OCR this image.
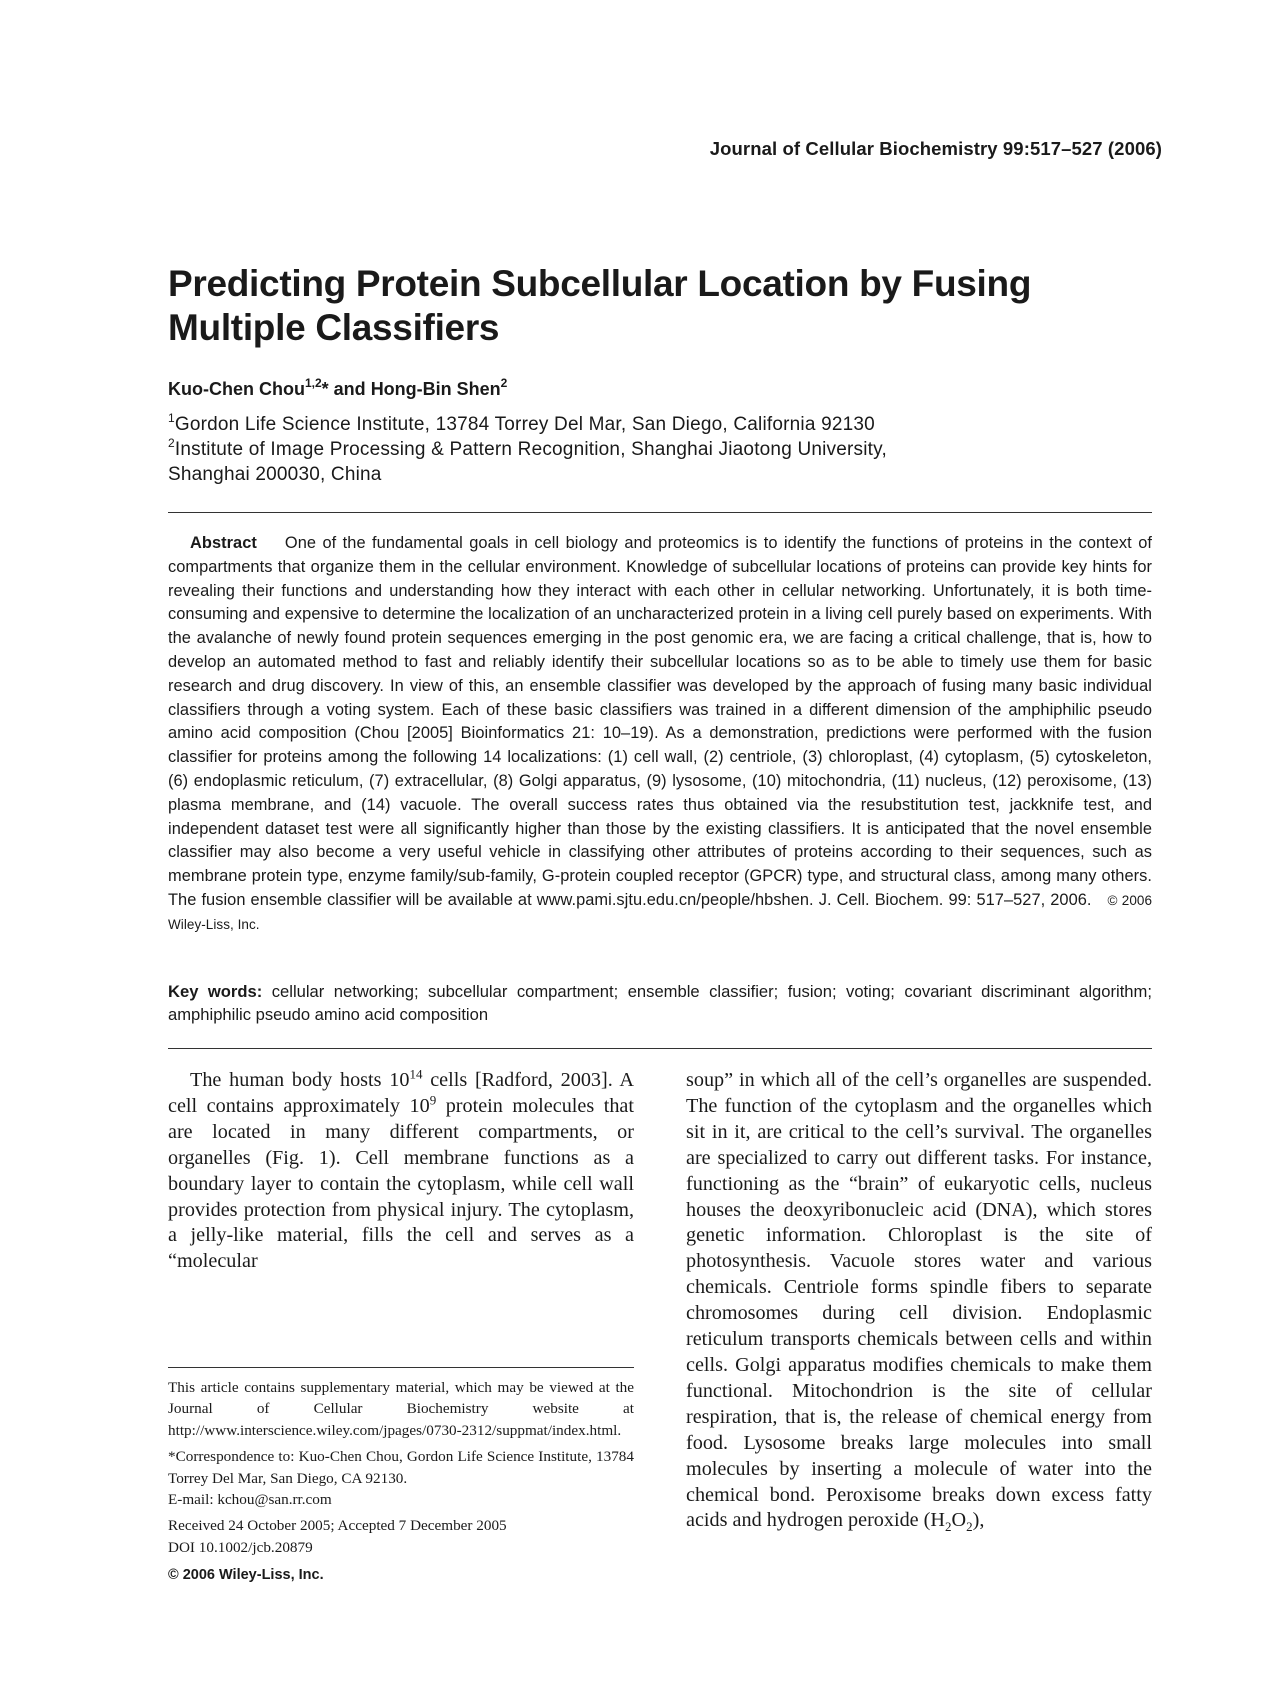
Journal of Cellular Biochemistry 99:517–527 (2006)
Predicting Protein Subcellular Location by Fusing Multiple Classifiers
Kuo-Chen Chou$^{1,2}$* and Hong-Bin Shen$^2$

$^1$Gordon Life Science Institute, 13784 Torrey Del Mar, San Diego, California 92130

$^2$Institute of Image Processing & Pattern Recognition, Shanghai Jiaotong University,

Shanghai 200030, China

Abstract One of the fundamental goals in cell biology and proteomics is to identify the functions of proteins in the context of compartments that organize them in the cellular environment. Knowledge of subcellular locations of proteins can provide key hints for revealing their functions and understanding how they interact with each other in cellular networking. Unfortunately, it is both time-consuming and expensive to determine the localization of an uncharacterized protein in a living cell purely based on experiments. With the avalanche of newly found protein sequences emerging in the post genomic era, we are facing a critical challenge, that is, how to develop an automated method to fast and reliably identify their subcellular locations so as to be able to timely use them for basic research and drug discovery. In view of this, an ensemble classifier was developed by the approach of fusing many basic individual classifiers through a voting system. Each of these basic classifiers was trained in a different dimension of the amphiphilic pseudo amino acid composition (Chou [2005] Bioinformatics 21: 10–19). As a demonstration, predictions were performed with the fusion classifier for proteins among the following 14 localizations: (1) cell wall, (2) centriole, (3) chloroplast, (4) cytoplasm, (5) cytoskeleton, (6) endoplasmic reticulum, (7) extracellular, (8) Golgi apparatus, (9) lysosome, (10) mitochondria, (11) nucleus, (12) peroxisome, (13) plasma membrane, and (14) vacuole. The overall success rates thus obtained via the resubstitution test, jackknife test, and independent dataset test were all significantly higher than those by the existing classifiers. It is anticipated that the novel ensemble classifier may also become a very useful vehicle in classifying other attributes of proteins according to their sequences, such as membrane protein type, enzyme family/sub-family, G-protein coupled receptor (GPCR) type, and structural class, among many others. The fusion ensemble classifier will be available at www.pami.sjtu.edu.cn/people/hbshen. J. Cell. Biochem. 99: 517–527, 2006. © 2006 Wiley-Liss, Inc.

Key words: cellular networking; subcellular compartment; ensemble classifier; fusion; voting; covariant discriminant algorithm; amphiphilic pseudo amino acid composition

The human body hosts $10^{14}$ cells [Radford, 2003]. A cell contains approximately $10^9$ protein molecules that are located in many different compartments, or organelles (Fig. 1). Cell membrane functions as a boundary layer to contain the cytoplasm, while cell wall provides protection from physical injury. The cytoplasm, a jelly-like material, fills the cell and serves as a “molecular

soup” in which all of the cell’s organelles are suspended. The function of the cytoplasm and the organelles which sit in it, are critical to the cell’s survival. The organelles are specialized to carry out different tasks. For instance, functioning as the “brain” of eukaryotic cells, nucleus houses the deoxyribonucleic acid (DNA), which stores genetic information. Chloroplast is the site of photosynthesis. Vacuole stores water and various chemicals. Centriole forms spindle fibers to separate chromosomes during cell division. Endoplasmic reticulum transports chemicals between cells and within cells. Golgi apparatus modifies chemicals to make them functional. Mitochondrion is the site of cellular respiration, that is, the release of chemical energy from food. Lysosome breaks large molecules into small molecules by inserting a molecule of water into the chemical bond. Peroxisome breaks down excess fatty acids and hydrogen peroxide $(H_2O_2)$,

This article contains supplementary material, which may be viewed at the Journal of Cellular Biochemistry website at http://www.interscience.wiley.com/jpages/0730-2312/suppmat/index.html.

*Correspondence to: Kuo-Chen Chou, Gordon Life Science Institute, 13784 Torrey Del Mar, San Diego, CA 92130.
E-mail: kchou@san.rr.com

Received 24 October 2005; Accepted 7 December 2005
DOI 10.1002/jcb.20879

© 2006 Wiley-Liss, Inc.
